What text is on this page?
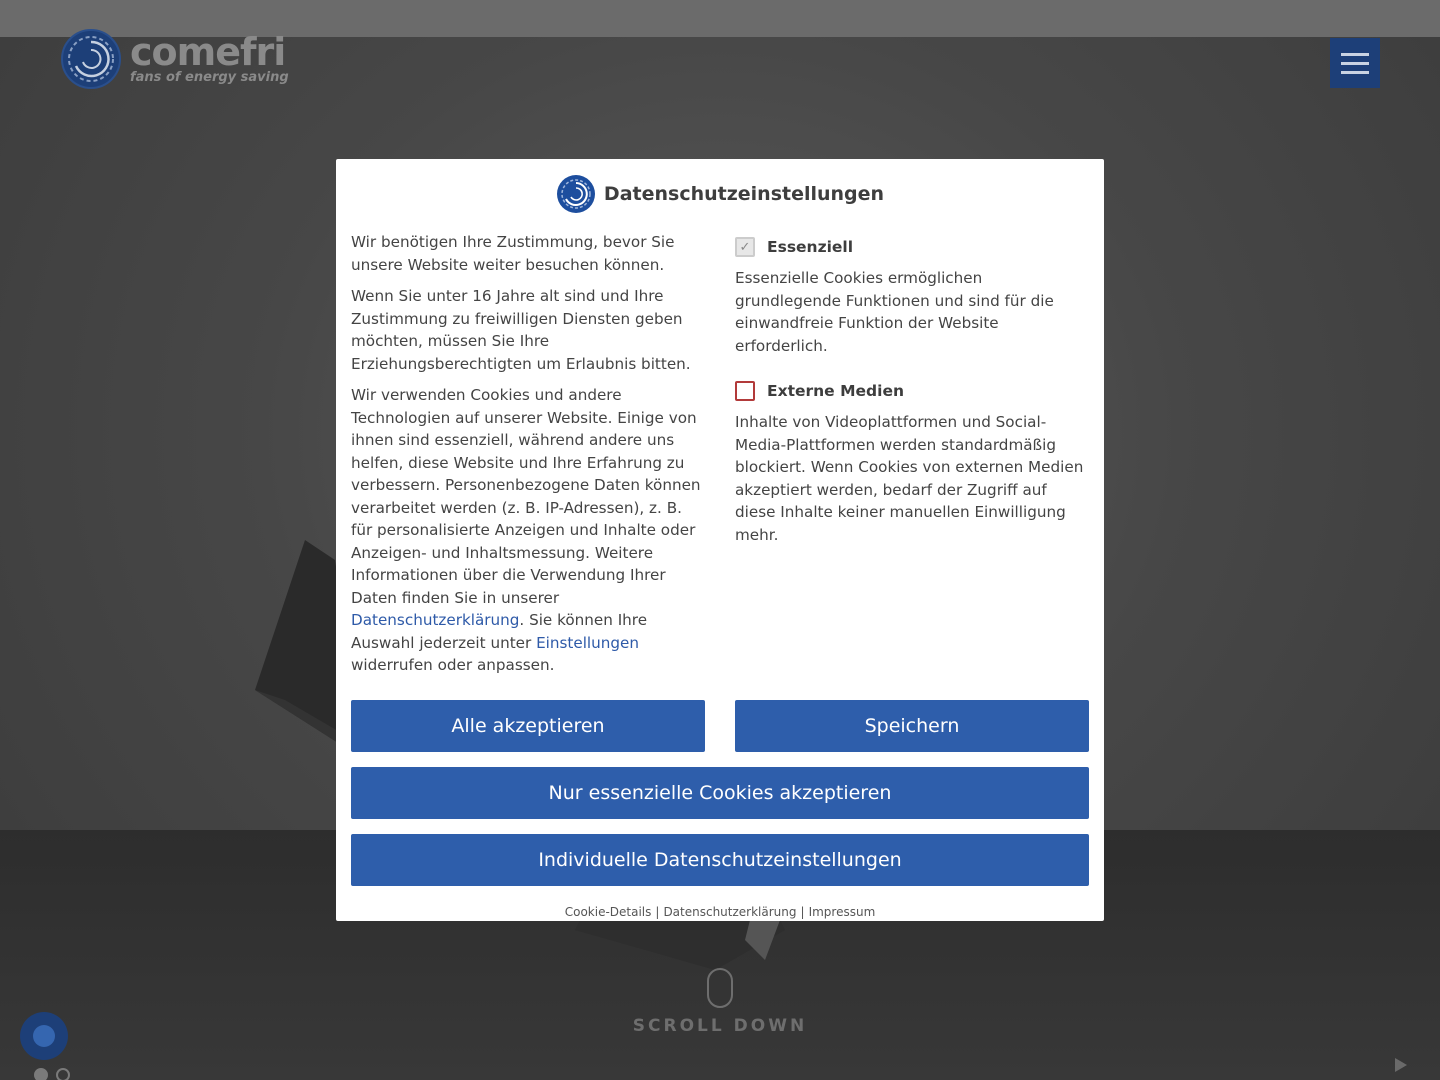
comefri
fans of energy saving
SCROLL DOWN
Datenschutzeinstellungen

Wir benötigen Ihre Zustimmung, bevor Sie unsere Website weiter besuchen können.

Wenn Sie unter 16 Jahre alt sind und Ihre Zustimmung zu freiwilligen Diensten geben möchten, müssen Sie Ihre Erziehungsberechtigten um Erlaubnis bitten.

Wir verwenden Cookies und andere Technologien auf unserer Website. Einige von ihnen sind essenziell, während andere uns helfen, diese Website und Ihre Erfahrung zu verbessern. Personenbezogene Daten können verarbeitet werden (z. B. IP-Adressen), z. B. für personalisierte Anzeigen und Inhalte oder Anzeigen- und Inhaltsmessung. Weitere Informationen über die Verwendung Ihrer Daten finden Sie in unserer Datenschutzerklärung. Sie können Ihre Auswahl jederzeit unter Einstellungen widerrufen oder anpassen.

✓ Essenziell
Essenzielle Cookies ermöglichen grundlegende Funktionen und sind für die einwandfreie Funktion der Website erforderlich.
Externe Medien
Inhalte von Videoplattformen und Social-Media-Plattformen werden standardmäßig blockiert. Wenn Cookies von externen Medien akzeptiert werden, bedarf der Zugriff auf diese Inhalte keiner manuellen Einwilligung mehr.
Alle akzeptieren	Speichern
Nur essenzielle Cookies akzeptieren
Individuelle Datenschutzeinstellungen
Cookie-Details | Datenschutzerklärung | Impressum
